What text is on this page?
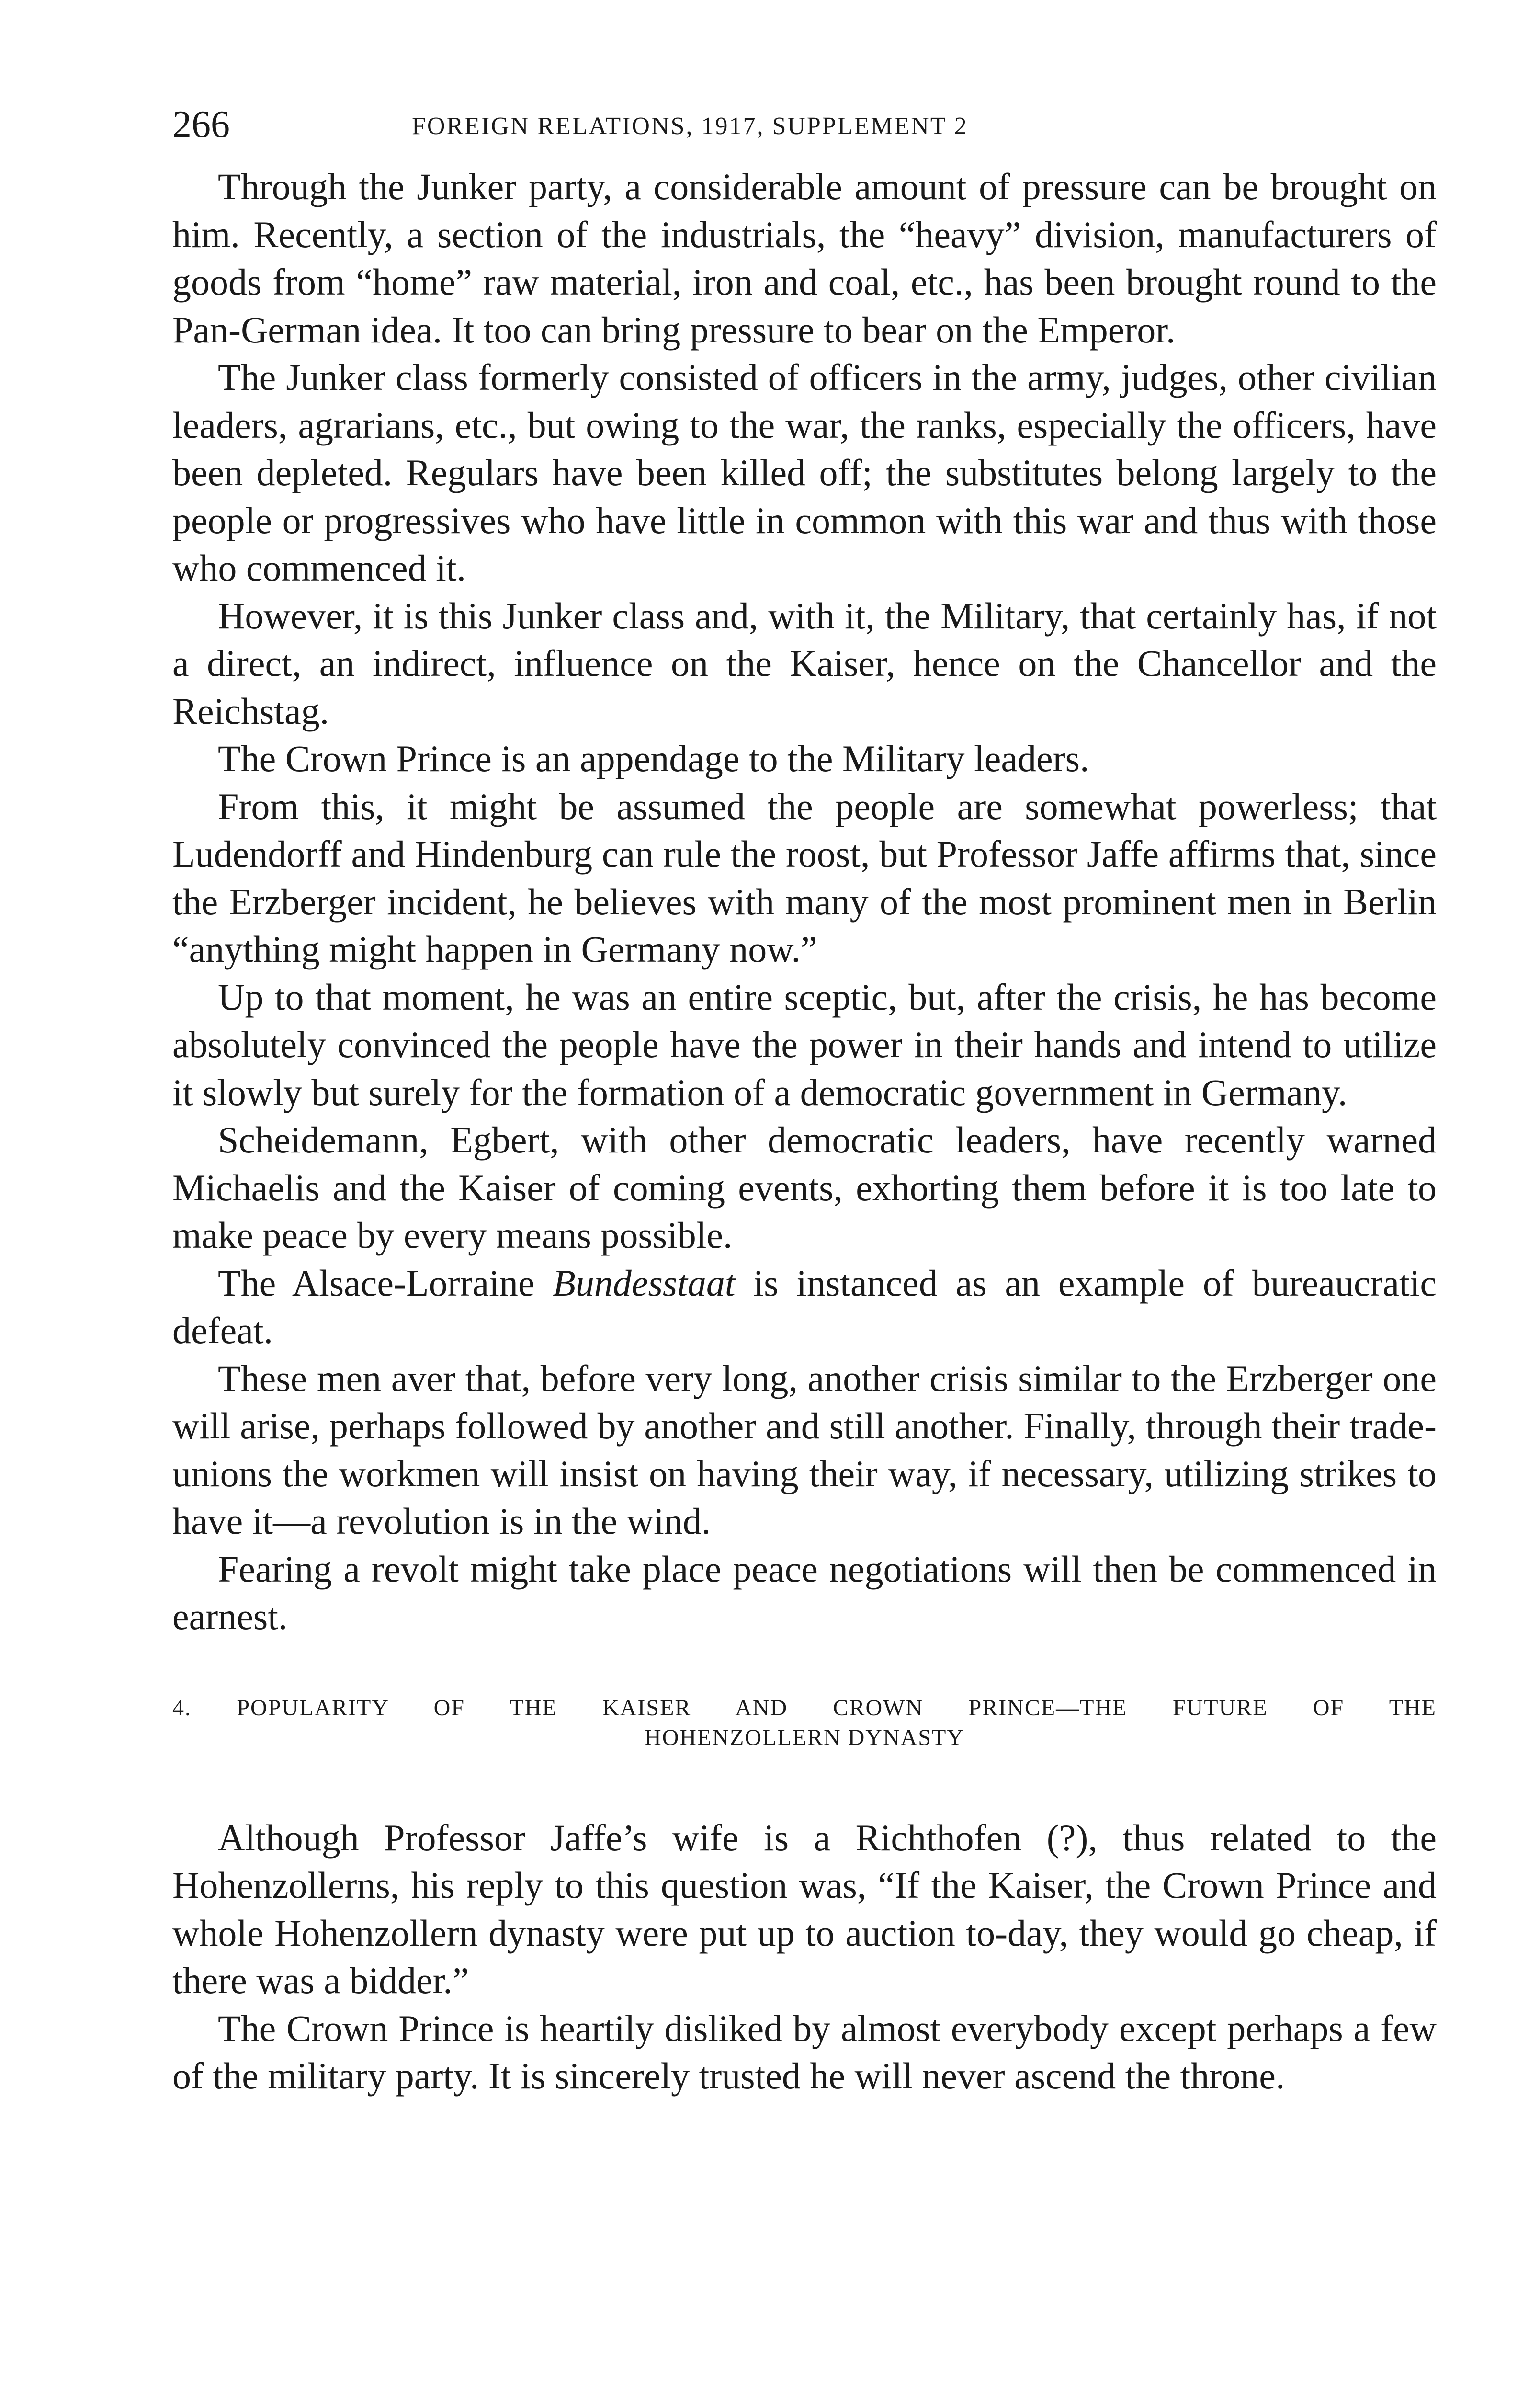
266	FOREIGN RELATIONS, 1917, SUPPLEMENT 2

Through the Junker party, a considerable amount of pressure can be brought on him. Recently, a section of the industrials, the “heavy” division, manufacturers of goods from “home” raw material, iron and coal, etc., has been brought round to the Pan-German idea. It too can bring pressure to bear on the Emperor.

The Junker class formerly consisted of officers in the army, judges, other civilian leaders, agrarians, etc., but owing to the war, the ranks, especially the officers, have been depleted. Regulars have been killed off; the substitutes belong largely to the people or progressives who have little in common with this war and thus with those who commenced it.

However, it is this Junker class and, with it, the Military, that certainly has, if not a direct, an indirect, influence on the Kaiser, hence on the Chancellor and the Reichstag.

The Crown Prince is an appendage to the Military leaders.

From this, it might be assumed the people are somewhat powerless; that Ludendorff and Hindenburg can rule the roost, but Professor Jaffe affirms that, since the Erzberger incident, he believes with many of the most prominent men in Berlin “anything might happen in Germany now.”

Up to that moment, he was an entire sceptic, but, after the crisis, he has become absolutely convinced the people have the power in their hands and intend to utilize it slowly but surely for the formation of a democratic government in Germany.

Scheidemann, Egbert, with other democratic leaders, have recently warned Michaelis and the Kaiser of coming events, exhorting them before it is too late to make peace by every means possible.

The Alsace-Lorraine Bundesstaat is instanced as an example of bureaucratic defeat.

These men aver that, before very long, another crisis similar to the Erzberger one will arise, perhaps followed by another and still another. Finally, through their trade-unions the workmen will insist on having their way, if necessary, utilizing strikes to have it—a revolution is in the wind.

Fearing a revolt might take place peace negotiations will then be commenced in earnest.

4. POPULARITY OF THE KAISER AND CROWN PRINCE—THE FUTURE OF THE
HOHENZOLLERN DYNASTY

Although Professor Jaffe’s wife is a Richthofen (?), thus related to the Hohenzollerns, his reply to this question was, “If the Kaiser, the Crown Prince and whole Hohenzollern dynasty were put up to auction to-day, they would go cheap, if there was a bidder.”

The Crown Prince is heartily disliked by almost everybody except perhaps a few of the military party. It is sincerely trusted he will never ascend the throne.
